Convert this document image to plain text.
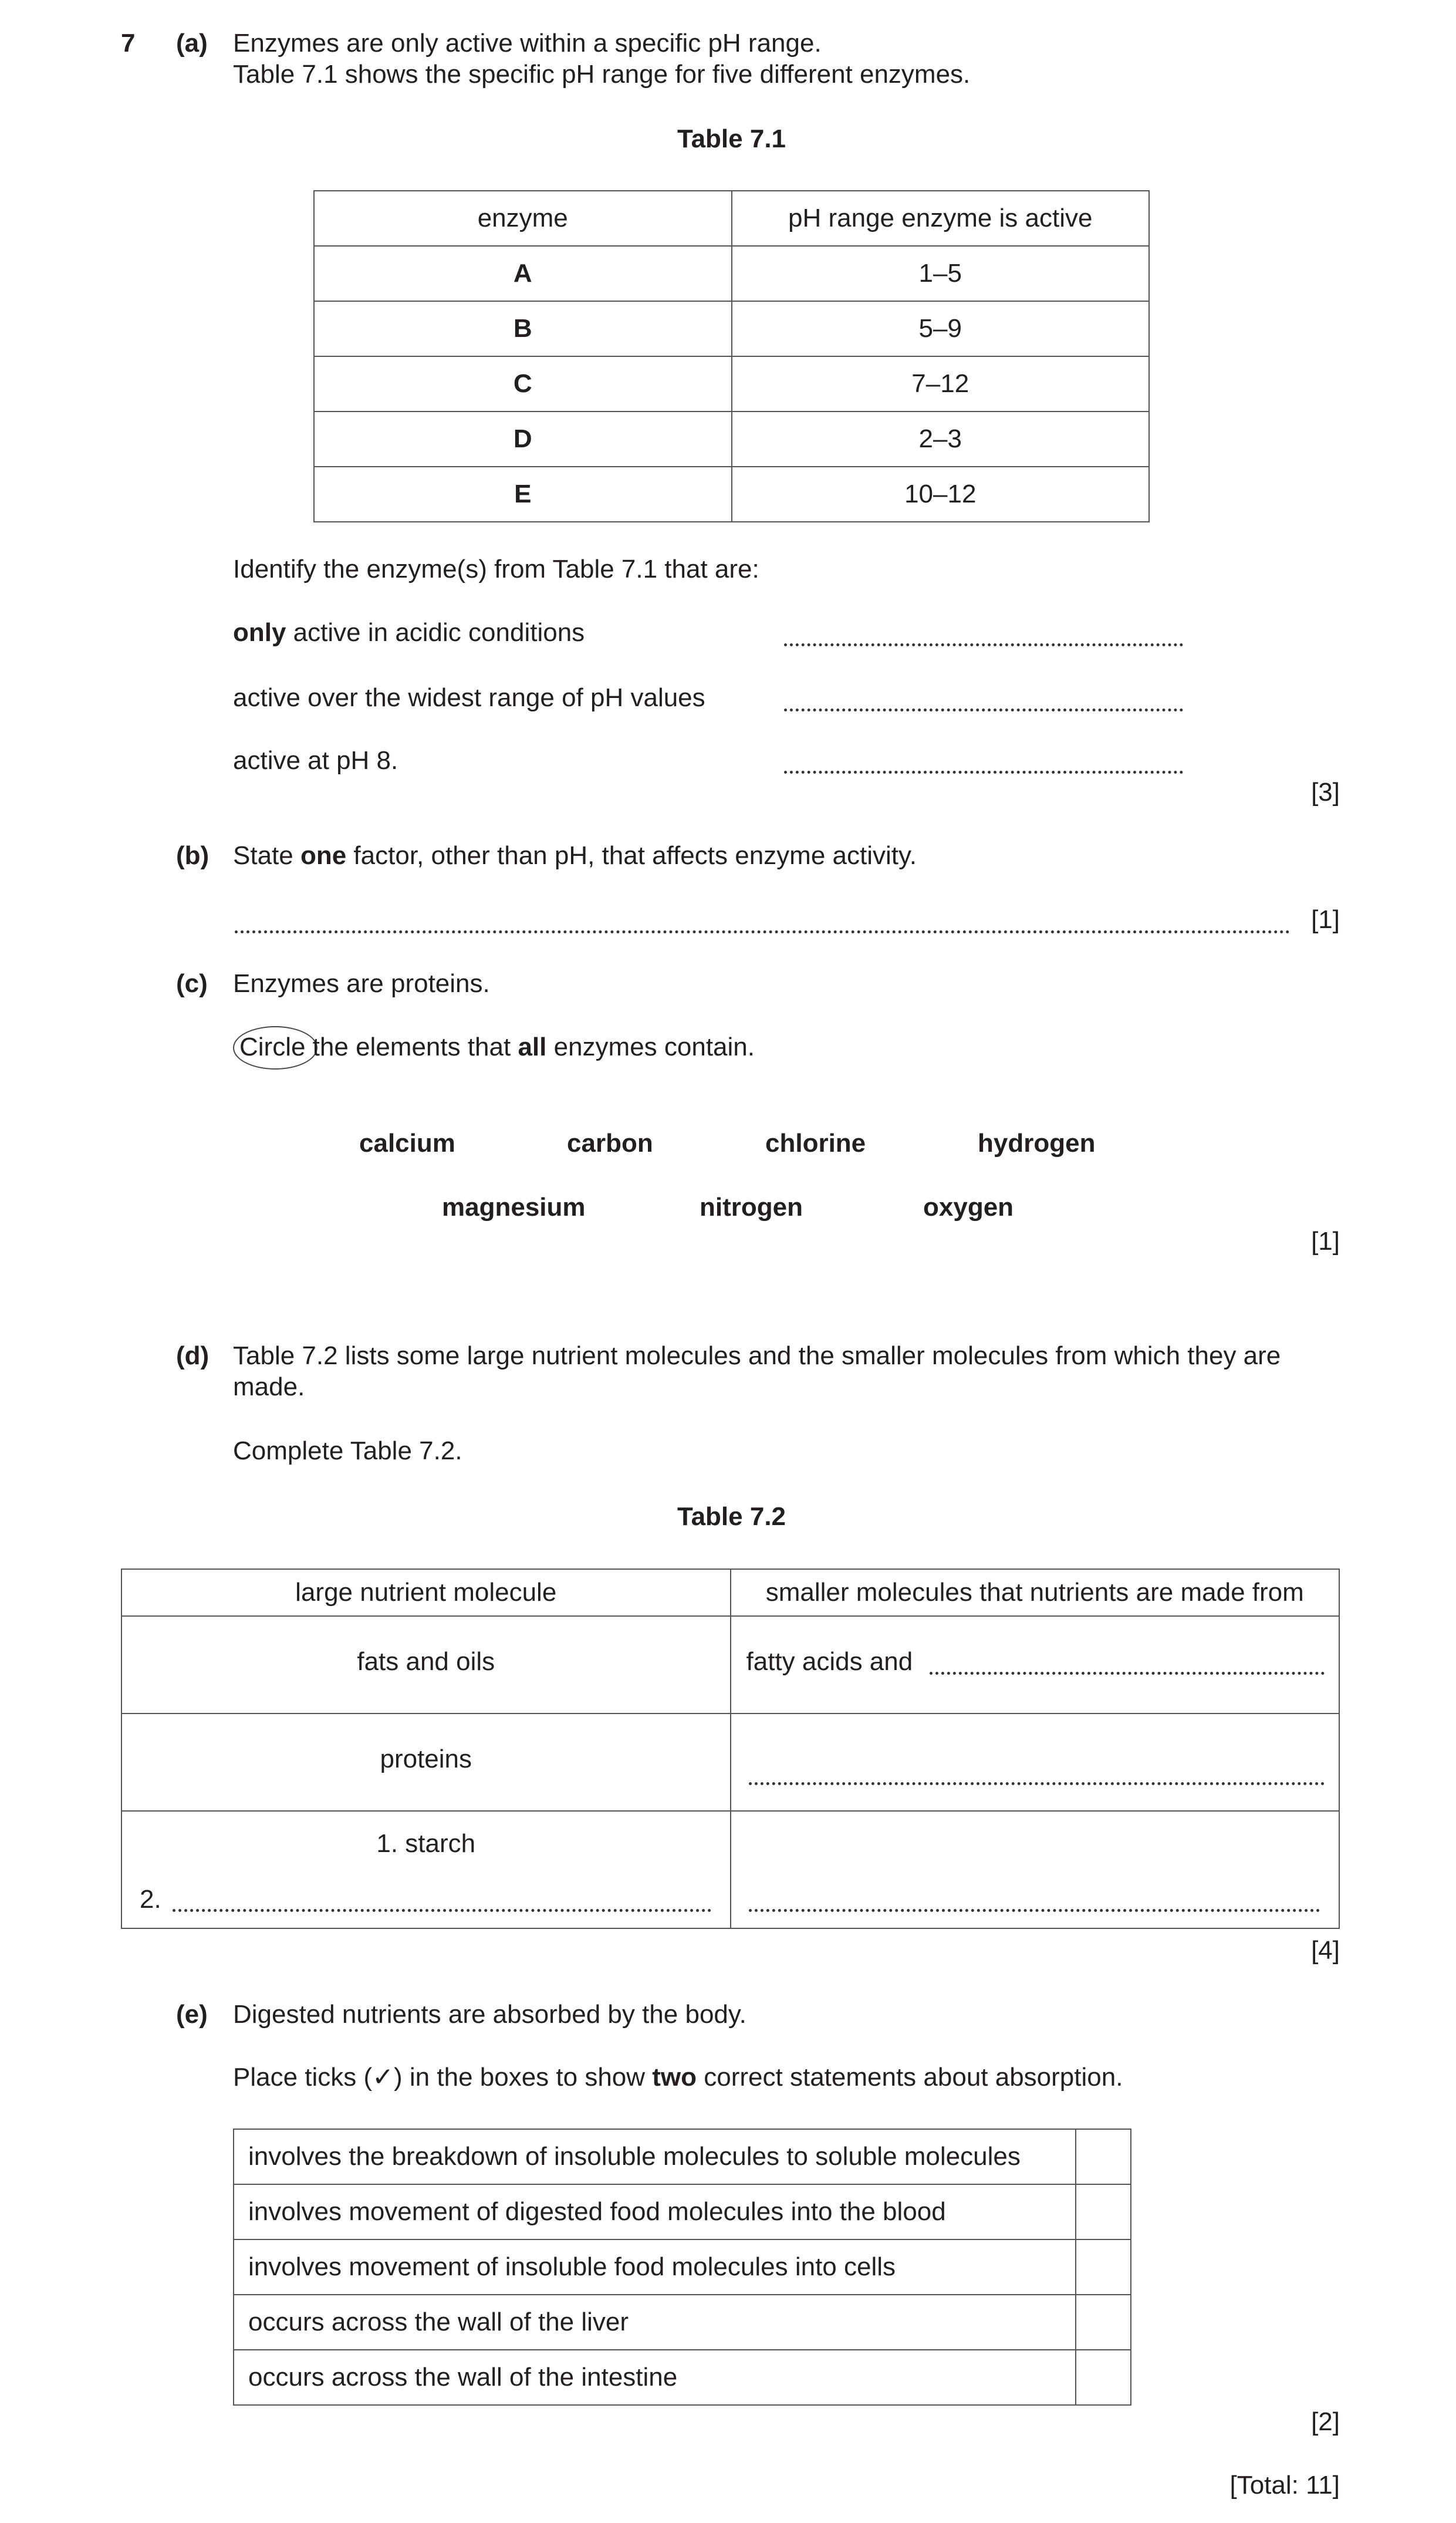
7 (a) Enzymes are only active within a specific pH range.
Table 7.1 shows the specific pH range for five different enzymes.
Table 7.1
enzyme	pH range enzyme is active
A	1–5
B	5–9
C	7–12
D	2–3
E	10–12
Identify the enzyme(s) from Table 7.1 that are:
only active in acidic conditions
active over the widest range of pH values
active at pH 8.
[3]
(b) State one factor, other than pH, that affects enzyme activity.
[1]
(c) Enzymes are proteins.
Circle the elements that all enzymes contain.
calcium	carbon	chlorine	hydrogen
magnesium	nitrogen	oxygen
[1]
(d) Table 7.2 lists some large nutrient molecules and the smaller molecules from which they are
made.
Complete Table 7.2.
Table 7.2
large nutrient molecule	smaller molecules that nutrients are made from

fats and oils	fatty acids and

proteins	

1. starch
2.	

[4]
(e) Digested nutrients are absorbed by the body.
Place ticks (✓) in the boxes to show two correct statements about absorption.
involves the breakdown of insoluble molecules to soluble molecules	
involves movement of digested food molecules into the blood	
involves movement of insoluble food molecules into cells	
occurs across the wall of the liver	
occurs across the wall of the intestine	
[2]
[Total: 11]
